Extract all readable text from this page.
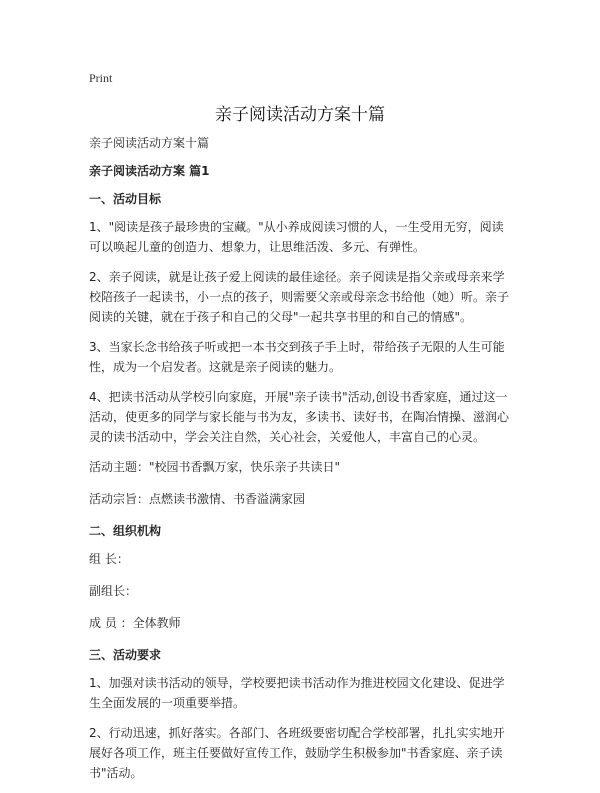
Print
亲子阅读活动方案十篇

亲子阅读活动方案十篇

亲子阅读活动方案 篇1

一、活动目标

1、"阅读是孩子最珍贵的宝藏。"从小养成阅读习惯的人，一生受用无穷，阅读可以唤起儿童的创造力、想象力，让思维活泼、多元、有弹性。

2、亲子阅读，就是让孩子爱上阅读的最佳途径。亲子阅读是指父亲或母亲来学校陪孩子一起读书，小一点的孩子，则需要父亲或母亲念书给他（她）听。亲子阅读的关键，就在于孩子和自己的父母"一起共享书里的和自己的情感"。

3、当家长念书给孩子听或把一本书交到孩子手上时，带给孩子无限的人生可能性，成为一个启发者。这就是亲子阅读的魅力。

4、把读书活动从学校引向家庭，开展"亲子读书"活动,创设书香家庭，通过这一活动，使更多的同学与家长能与书为友，多读书、读好书，在陶冶情操、滋润心灵的读书活动中，学会关注自然，关心社会，关爱他人，丰富自己的心灵。

活动主题："校园书香飘万家，快乐亲子共读日"

活动宗旨：点燃读书激情、书香溢满家园

二、组织机构

组 长：

副组长：

成 员 ：全体教师

三、活动要求

1、加强对读书活动的领导，学校要把读书活动作为推进校园文化建设、促进学生全面发展的一项重要举措。

2、行动迅速，抓好落实。各部门、各班级要密切配合学校部署，扎扎实实地开展好各项工作，班主任要做好宣传工作，鼓励学生积极参加"书香家庭、亲子读书"活动。
